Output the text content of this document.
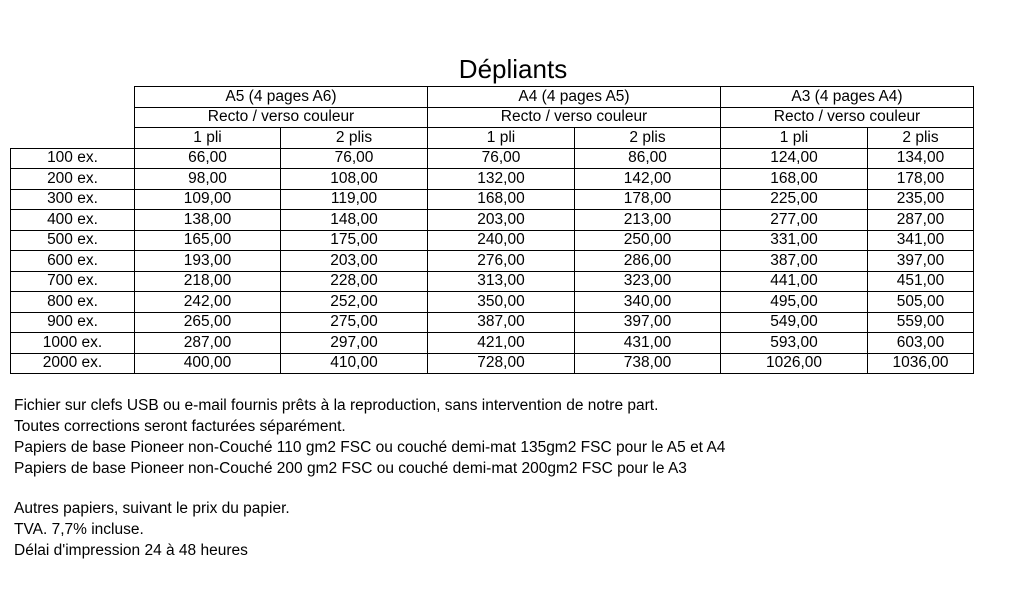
Dépliants
	A5 (4 pages A6)		A4 (4 pages A5)		A3 (4 pages A4)	
	Recto / verso couleur		Recto / verso couleur		Recto / verso couleur	
	1 pli	2 plis	1 pli	2 plis	1 pli	2 plis
100 ex.	66,00	76,00	76,00	86,00	124,00	134,00
200 ex.	98,00	108,00	132,00	142,00	168,00	178,00
300 ex.	109,00	119,00	168,00	178,00	225,00	235,00
400 ex.	138,00	148,00	203,00	213,00	277,00	287,00
500 ex.	165,00	175,00	240,00	250,00	331,00	341,00
600 ex.	193,00	203,00	276,00	286,00	387,00	397,00
700 ex.	218,00	228,00	313,00	323,00	441,00	451,00
800 ex.	242,00	252,00	350,00	340,00	495,00	505,00
900 ex.	265,00	275,00	387,00	397,00	549,00	559,00
1000 ex.	287,00	297,00	421,00	431,00	593,00	603,00
2000 ex.	400,00	410,00	728,00	738,00	1026,00	1036,00
Fichier sur clefs USB ou e-mail fournis prêts à la reproduction, sans intervention de notre part.
Toutes corrections seront facturées séparément.
Papiers de base Pioneer non-Couché 110 gm2 FSC ou couché demi-mat 135gm2 FSC pour le A5 et A4
Papiers de base Pioneer non-Couché 200 gm2 FSC ou couché demi-mat 200gm2 FSC pour le A3
Autres papiers, suivant le prix du papier.
TVA. 7,7% incluse.
Délai d'impression 24 à 48 heures
